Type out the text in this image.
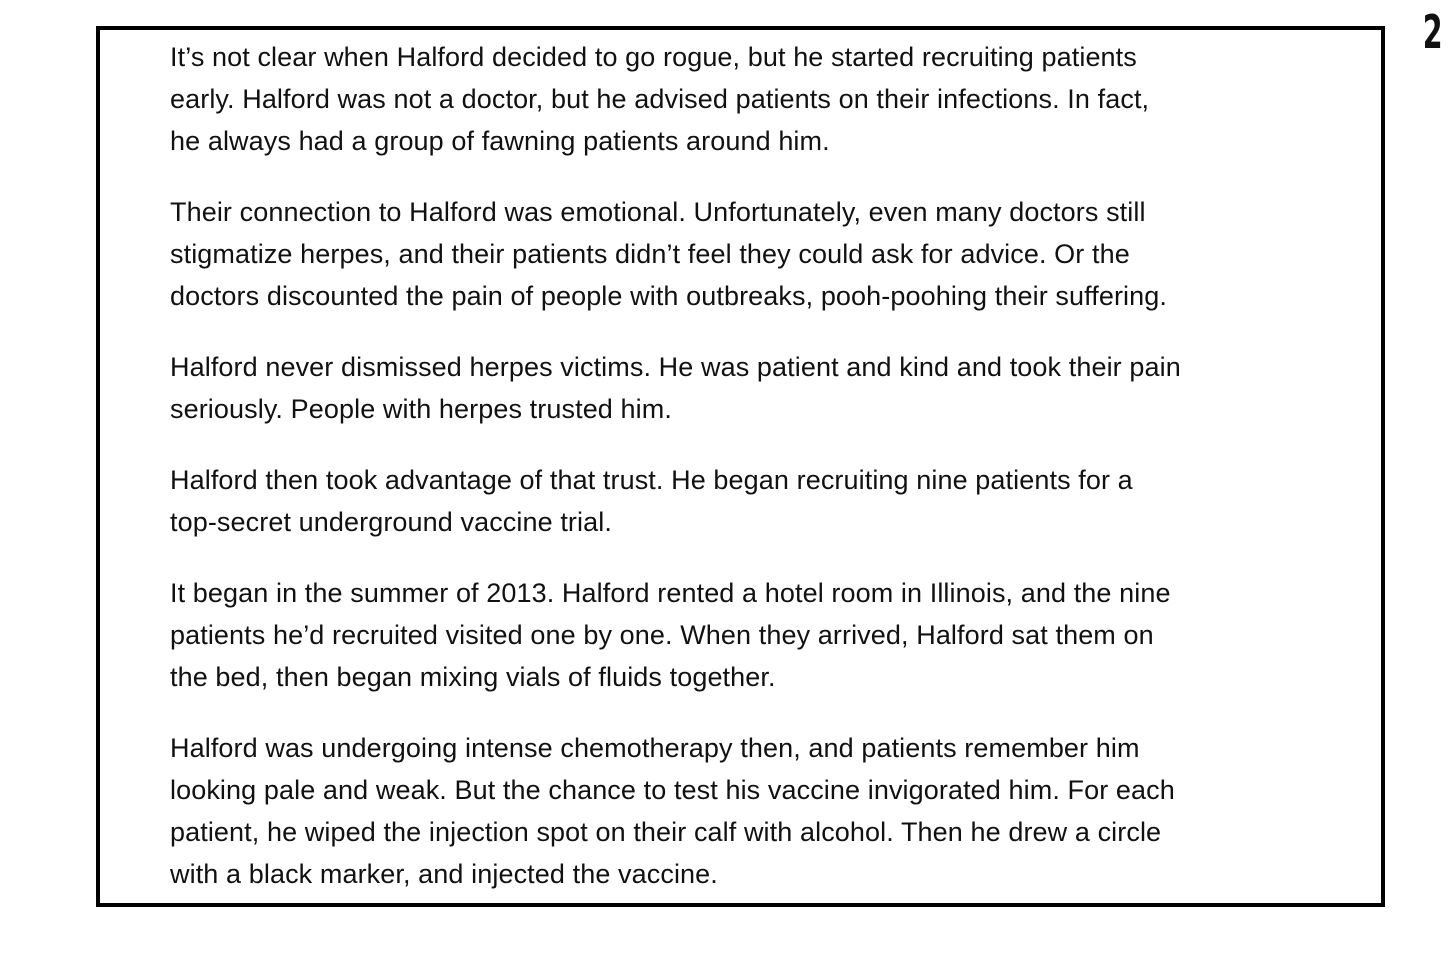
2

It’s not clear when Halford decided to go rogue, but he started recruiting patients
early. Halford was not a doctor, but he advised patients on their infections. In fact,
he always had a group of fawning patients around him.

Their connection to Halford was emotional. Unfortunately, even many doctors still
stigmatize herpes, and their patients didn’t feel they could ask for advice. Or the
doctors discounted the pain of people with outbreaks, pooh-poohing their suffering.

Halford never dismissed herpes victims. He was patient and kind and took their pain
seriously. People with herpes trusted him.

Halford then took advantage of that trust. He began recruiting nine patients for a
top-secret underground vaccine trial.

It began in the summer of 2013. Halford rented a hotel room in Illinois, and the nine
patients he’d recruited visited one by one. When they arrived, Halford sat them on
the bed, then began mixing vials of fluids together.

Halford was undergoing intense chemotherapy then, and patients remember him
looking pale and weak. But the chance to test his vaccine invigorated him. For each
patient, he wiped the injection spot on their calf with alcohol. Then he drew a circle
with a black marker, and injected the vaccine.
